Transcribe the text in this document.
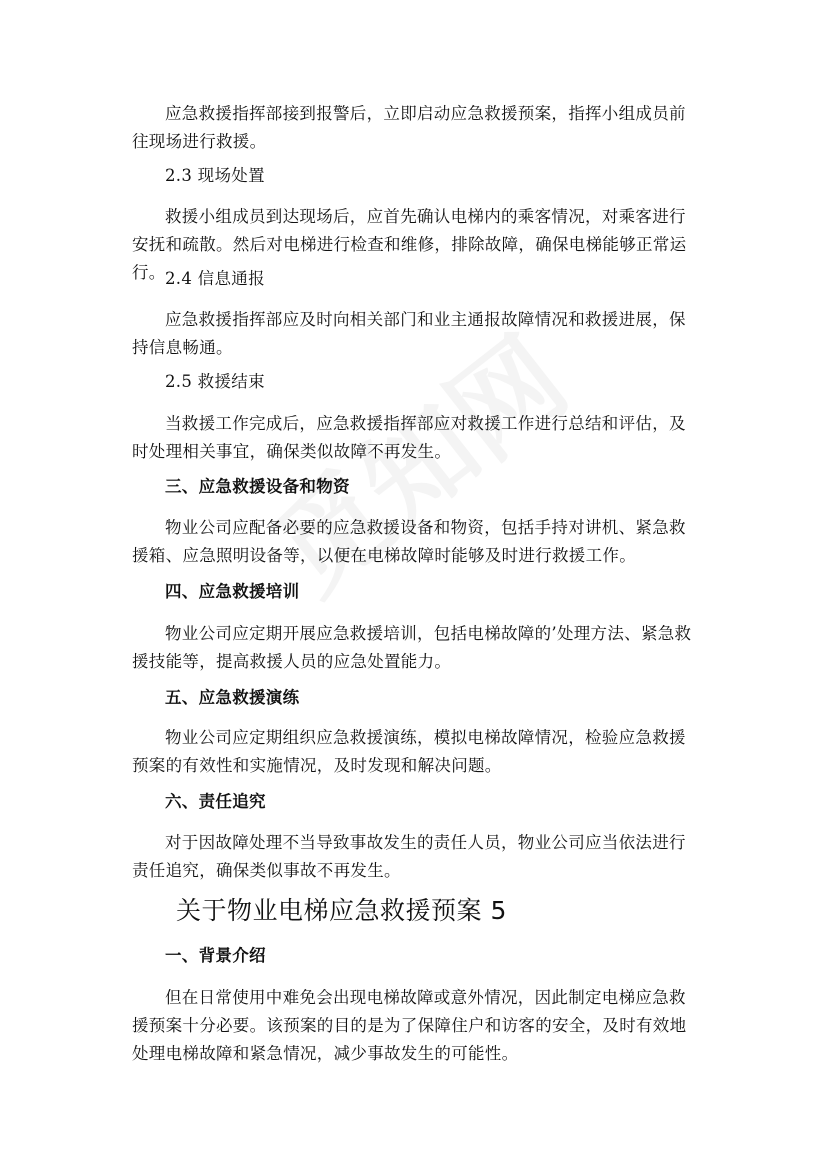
应急救援指挥部接到报警后，立即启动应急救援预案，指挥小组成员前往现场进行救援。

2.3 现场处置

救援小组成员到达现场后，应首先确认电梯内的乘客情况，对乘客进行安抚和疏散。然后对电梯进行检查和维修，排除故障，确保电梯能够正常运行。 2.4 信息通报

应急救援指挥部应及时向相关部门和业主通报故障情况和救援进展，保持信息畅通。

2.5 救援结束

当救援工作完成后，应急救援指挥部应对救援工作进行总结和评估，及时处理相关事宜，确保类似故障不再发生。

三、应急救援设备和物资

物业公司应配备必要的应急救援设备和物资，包括手持对讲机、紧急救援箱、应急照明设备等，以便在电梯故障时能够及时进行救援工作。

四、应急救援培训

物业公司应定期开展应急救援培训，包括电梯故障的’处理方法、紧急救援技能等，提高救援人员的应急处置能力。

五、应急救援演练

物业公司应定期组织应急救援演练，模拟电梯故障情况，检验应急救援预案的有效性和实施情况，及时发现和解决问题。

六、责任追究

对于因故障处理不当导致事故发生的责任人员，物业公司应当依法进行责任追究，确保类似事故不再发生。

关于物业电梯应急救援预案 5

一、背景介绍

但在日常使用中难免会出现电梯故障或意外情况，因此制定电梯应急救援预案十分必要。该预案的目的是为了保障住户和访客的安全，及时有效地处理电梯故障和紧急情况，减少事故发生的可能性。
